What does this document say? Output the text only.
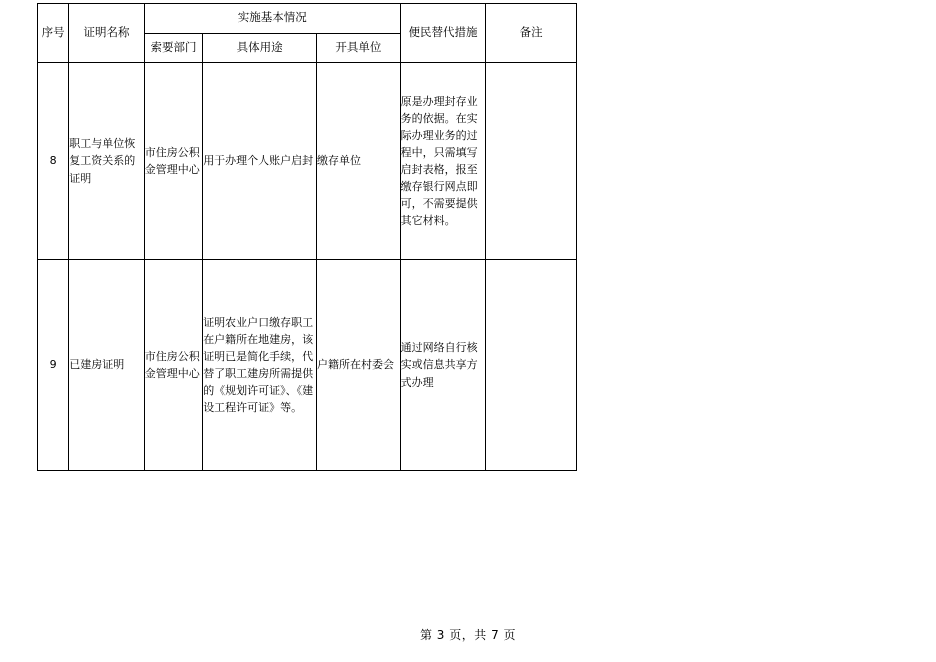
序号	证明名称	实施基本情况			便民替代措施	备注
		索要部门	具体用途	开具单位		
8	职工与单位恢复工资关系的证明	市住房公积金管理中心	用于办理个人账户启封	缴存单位	原是办理封存业务的依据。在实际办理业务的过程中，只需填写启封表格，报至缴存银行网点即可，不需要提供其它材料。	
9	已建房证明	市住房公积金管理中心	证明农业户口缴存职工在户籍所在地建房，该证明已是简化手续，代替了职工建房所需提供的《规划许可证》、《建设工程许可证》等。	户籍所在村委会	通过网络自行核实或信息共享方式办理	
第 3 页，共 7 页
